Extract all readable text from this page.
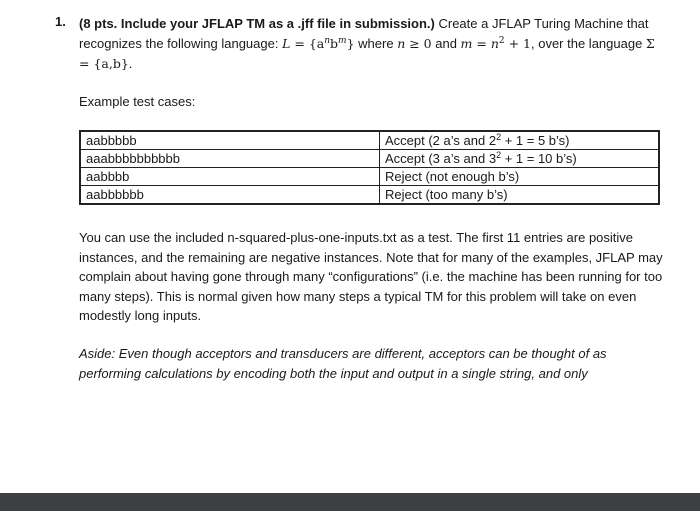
1. (8 pts. Include your JFLAP TM as a .jff file in submission.) Create a JFLAP Turing Machine that recognizes the following language: $L = \{a^nb^m\}$ where n ≥ 0 and $m = n^2 + 1$, over the language Σ = {a,b}.
Example test cases:
aabbbbb	Accept (2 a’s and $2^2 + 1 = 5$ b’s)
aaabbbbbbbbbb	Accept (3 a’s and $3^2 + 1 = 10$ b’s)
aabbbb	Reject (not enough b’s)
aabbbbbb	Reject (too many b’s)
You can use the included n-squared-plus-one-inputs.txt as a test. The first 11 entries are positive instances, and the remaining are negative instances. Note that for many of the examples, JFLAP may complain about having gone through many “configurations” (i.e. the machine has been running for too many steps). This is normal given how many steps a typical TM for this problem will take on even modestly long inputs.
Aside: Even though acceptors and transducers are different, acceptors can be thought of as performing calculations by encoding both the input and output in a single string, and only
